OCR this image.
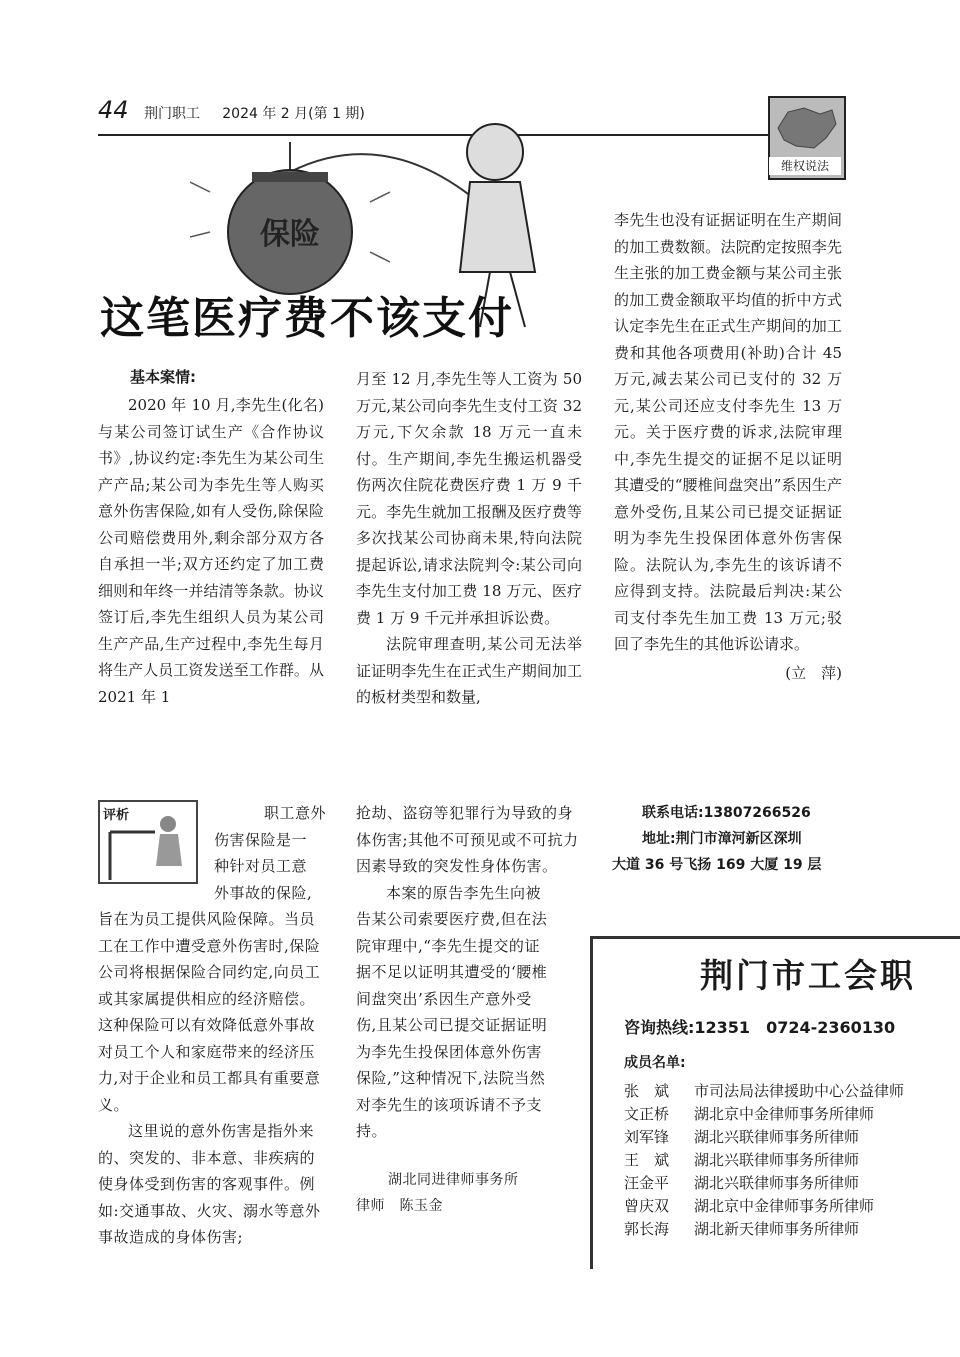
44 荆门职工 2024 年 2 月(第 1 期)
维权说法
保险
这笔医疗费不该支付
基本案情:

2020 年 10 月,李先生(化名)与某公司签订试生产《合作协议书》,协议约定:李先生为某公司生产产品;某公司为李先生等人购买意外伤害保险,如有人受伤,除保险公司赔偿费用外,剩余部分双方各自承担一半;双方还约定了加工费细则和年终一并结清等条款。协议签订后,李先生组织人员为某公司生产产品,生产过程中,李先生每月将生产人员工资发送至工作群。从 2021 年 1

月至 12 月,李先生等人工资为 50 万元,某公司向李先生支付工资 32 万元,下欠余款 18 万元一直未付。生产期间,李先生搬运机器受伤两次住院花费医疗费 1 万 9 千元。李先生就加工报酬及医疗费等多次找某公司协商未果,特向法院提起诉讼,请求法院判令:某公司向李先生支付加工费 18 万元、医疗费 1 万 9 千元并承担诉讼费。

法院审理查明,某公司无法举证证明李先生在正式生产期间加工的板材类型和数量,

李先生也没有证据证明在生产期间的加工费数额。法院酌定按照李先生主张的加工费金额与某公司主张的加工费金额取平均值的折中方式认定李先生在正式生产期间的加工费和其他各项费用(补助)合计 45 万元,减去某公司已支付的 32 万元,某公司还应支付李先生 13 万元。关于医疗费的诉求,法院审理中,李先生提交的证据不足以证明其遭受的“腰椎间盘突出”系因生产意外受伤,且某公司已提交证据证明为李先生投保团体意外伤害保险。法院认为,李先生的该诉请不应得到支持。法院最后判决:某公司支付李先生加工费 13 万元;驳回了李先生的其他诉讼请求。

(立　萍)

评析	职工意外

伤害保险是一

种针对员工意

外事故的保险,

旨在为员工提供风险保障。当员工在工作中遭受意外伤害时,保险公司将根据保险合同约定,向员工或其家属提供相应的经济赔偿。这种保险可以有效降低意外事故对员工个人和家庭带来的经济压力,对于企业和员工都具有重要意义。

这里说的意外伤害是指外来的、突发的、非本意、非疾病的使身体受到伤害的客观事件。例如:交通事故、火灾、溺水等意外事故造成的身体伤害;

抢劫、盗窃等犯罪行为导致的身体伤害;其他不可预见或不可抗力因素导致的突发性身体伤害。

本案的原告李先生向被告某公司索要医疗费,但在法院审理中,“李先生提交的证据不足以证明其遭受的‘腰椎间盘突出’系因生产意外受伤,且某公司已提交证据证明为李先生投保团体意外伤害保险,”这种情况下,法院当然对李先生的该项诉请不予支持。

湖北同进律师事务所

律师　陈玉金

联系电话:13807266526
地址:荆门市漳河新区深圳
大道 36 号飞扬 169 大厦 19 层
荆门市工会职
咨询热线:12351　0724-2360130
成员名单:
张　斌	市司法局法律援助中心公益律师
文正桥	湖北京中金律师事务所律师
刘军锋	湖北兴联律师事务所律师
王　斌	湖北兴联律师事务所律师
汪金平	湖北兴联律师事务所律师
曾庆双	湖北京中金律师事务所律师
郭长海	湖北新天律师事务所律师
